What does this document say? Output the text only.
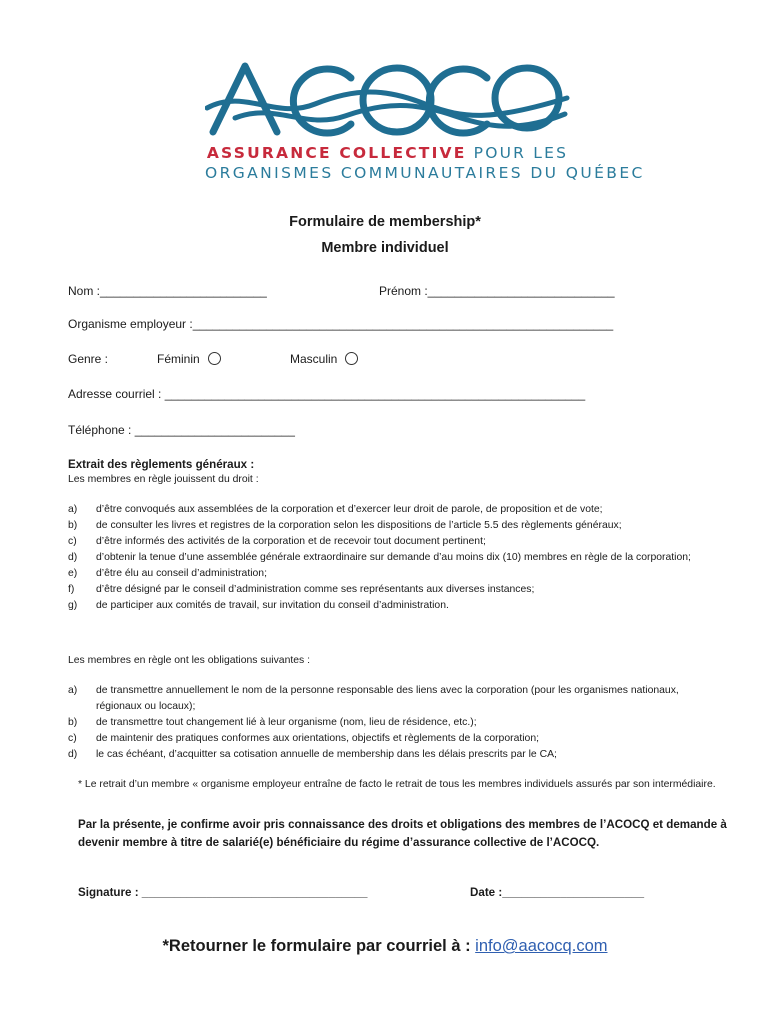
ASSURANCE COLLECTIVE POUR LES
ORGANISMES COMMUNAUTAIRES DU QUÉBEC
Formulaire de membership*
Membre individuel
Nom :_________________________	Prénom :____________________________
Organisme employeur :_______________________________________________________________
Genre :	Féminin	Masculin
Adresse courriel : _______________________________________________________________
Téléphone : ________________________
Extrait des règlements généraux :
Les membres en règle jouissent du droit :
a) d’être convoqués aux assemblées de la corporation et d’exercer leur droit de parole, de proposition et de vote;
b) de consulter les livres et registres de la corporation selon les dispositions de l’article 5.5 des règlements généraux;
c) d’être informés des activités de la corporation et de recevoir tout document pertinent;
d) d’obtenir la tenue d’une assemblée générale extraordinaire sur demande d’au moins dix (10) membres en règle de la corporation;
e) d’être élu au conseil d’administration;
f) d’être désigné par le conseil d’administration comme ses représentants aux diverses instances;
g) de participer aux comités de travail, sur invitation du conseil d’administration.
Les membres en règle ont les obligations suivantes :
a) de transmettre annuellement le nom de la personne responsable des liens avec la corporation (pour les organismes nationaux, régionaux ou locaux);
b) de transmettre tout changement lié à leur organisme (nom, lieu de résidence, etc.);
c) de maintenir des pratiques conformes aux orientations, objectifs et règlements de la corporation;
d) le cas échéant, d’acquitter sa cotisation annuelle de membership dans les délais prescrits par le CA;
* Le retrait d’un membre « organisme employeur entraîne de facto le retrait de tous les membres individuels assurés par son intermédiaire.
Par la présente, je confirme avoir pris connaissance des droits et obligations des membres de l’ACOCQ et demande à devenir membre à titre de salarié(e) bénéficiaire du régime d’assurance collective de l’ACOCQ.
Signature : ___________________________________	Date :______________________
*Retourner le formulaire par courriel à : info@aacocq.com
